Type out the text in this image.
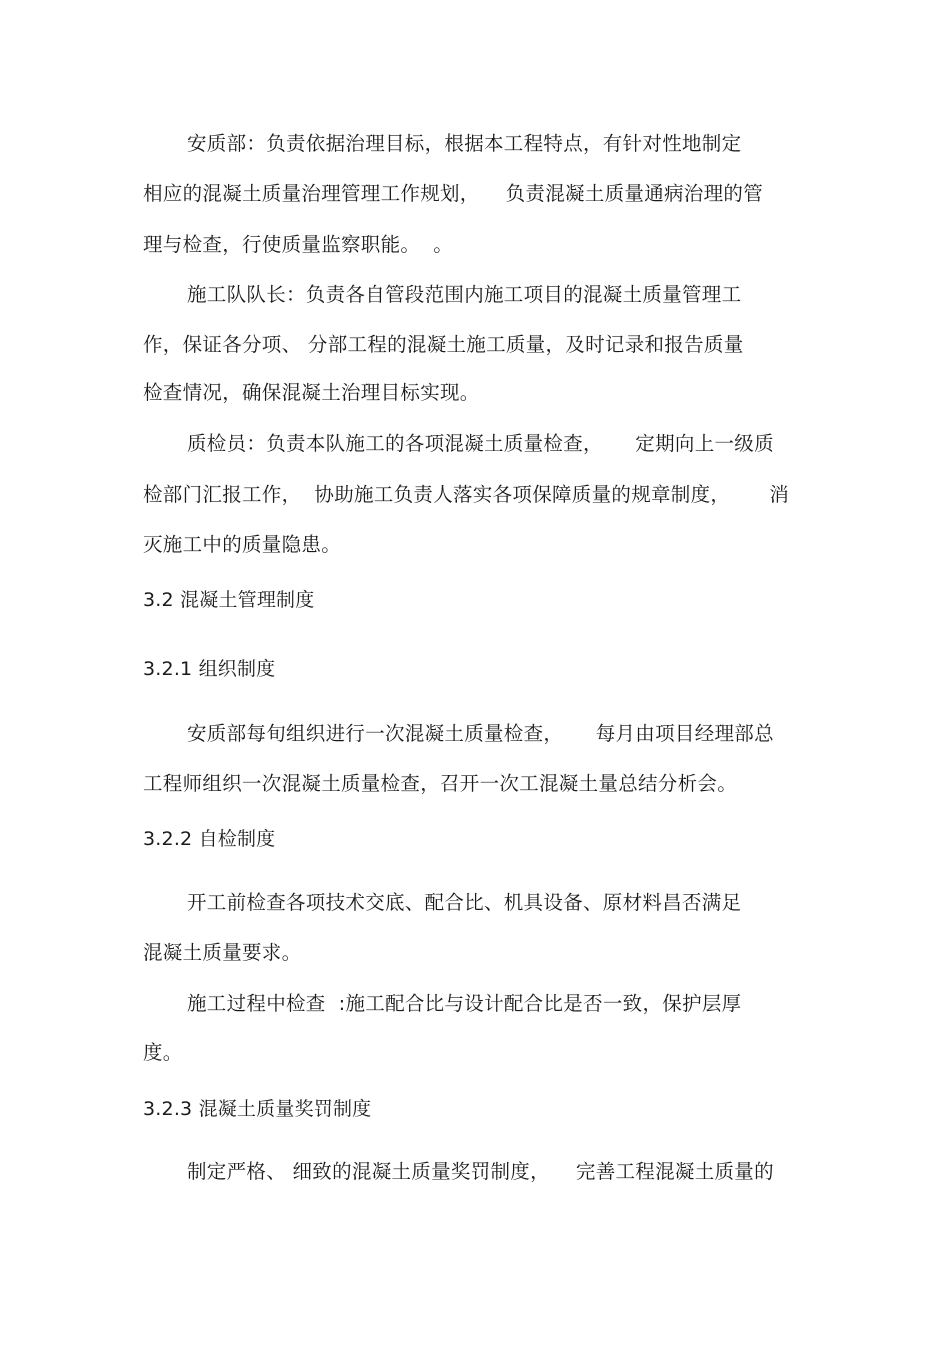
安质部：负责依据治理目标，根据本工程特点，有针对性地制定
相应的混凝土质量治理管理工作规划，    负责混凝土质量通病治理的管
理与检查，行使质量监察职能。  。
施工队队长：负责各自管段范围内施工项目的混凝土质量管理工
作，保证各分项、 分部工程的混凝土施工质量，及时记录和报告质量
检查情况，确保混凝土治理目标实现。
质检员：负责本队施工的各项混凝土质量检查，     定期向上一级质
检部门汇报工作，  协助施工负责人落实各项保障质量的规章制度，      消
灭施工中的质量隐患。
3.2 混凝土管理制度
3.2.1 组织制度
安质部每旬组织进行一次混凝土质量检查，     每月由项目经理部总
工程师组织一次混凝土质量检查，召开一次工混凝土量总结分析会。
3.2.2 自检制度
开工前检查各项技术交底、配合比、机具设备、原材料昌否满足
混凝土质量要求。
施工过程中检查  :施工配合比与设计配合比是否一致，保护层厚
度。
3.2.3 混凝土质量奖罚制度
制定严格、 细致的混凝土质量奖罚制度，    完善工程混凝土质量的
